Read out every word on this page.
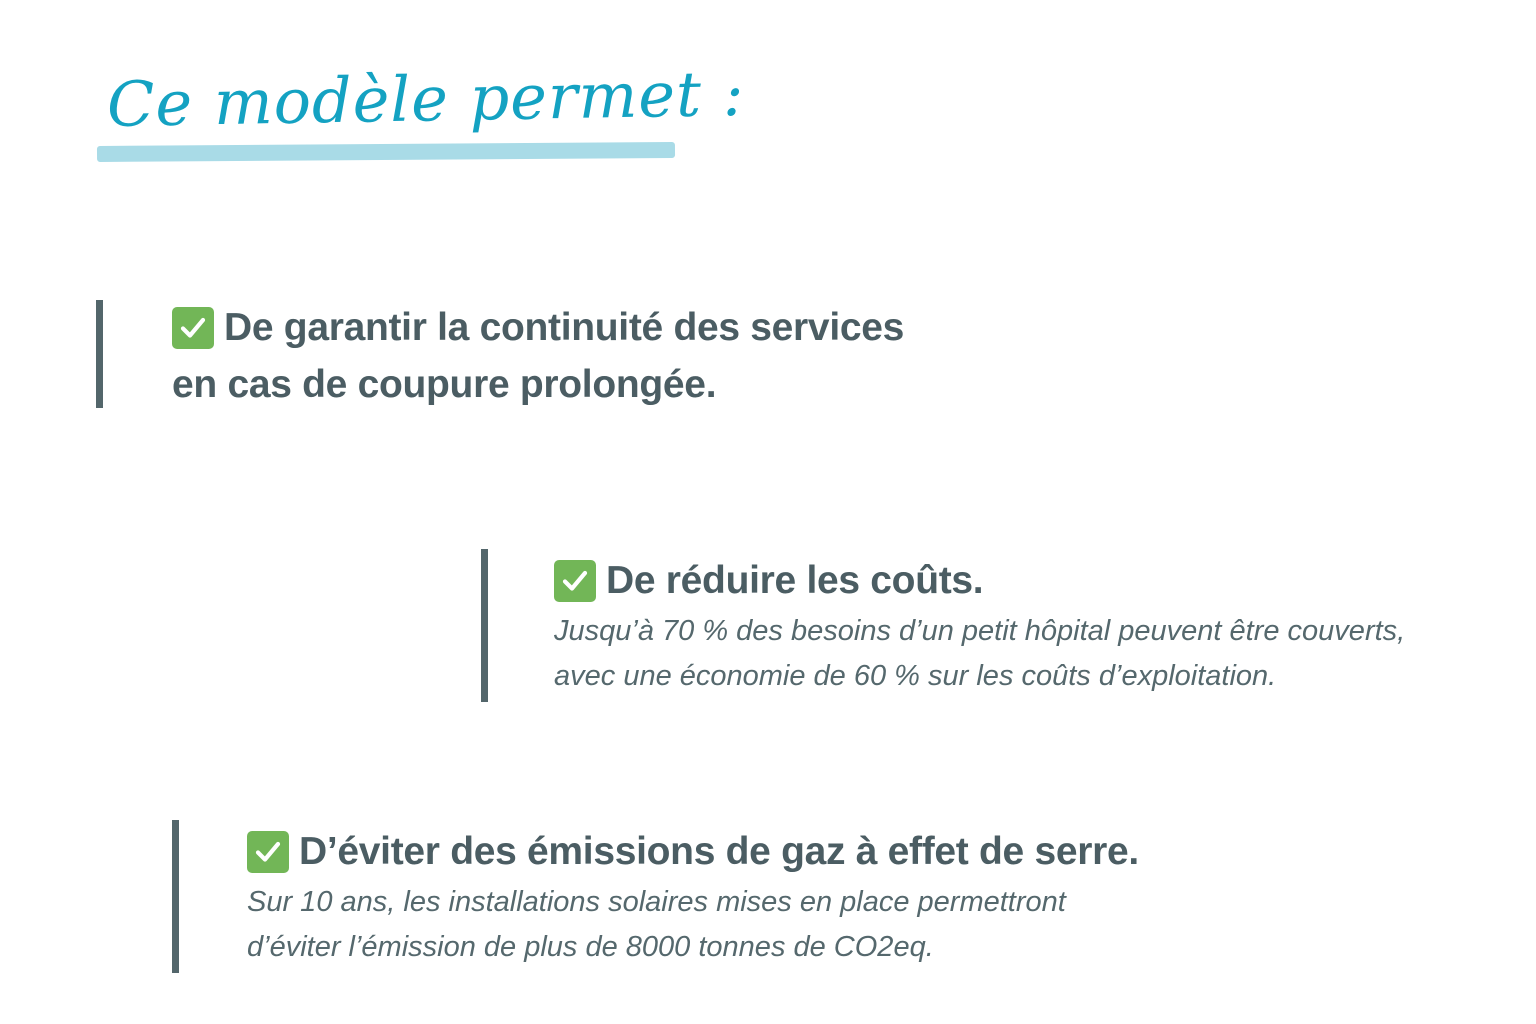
Ce modèle permet :
De garantir la continuité des services
en cas de coupure prolongée.
De réduire les coûts.
Jusqu’à 70 % des besoins d’un petit hôpital peuvent être couverts,
avec une économie de 60 % sur les coûts d’exploitation.
D’éviter des émissions de gaz à effet de serre.
Sur 10 ans, les installations solaires mises en place permettront
d’éviter l’émission de plus de 8000 tonnes de CO2eq.
